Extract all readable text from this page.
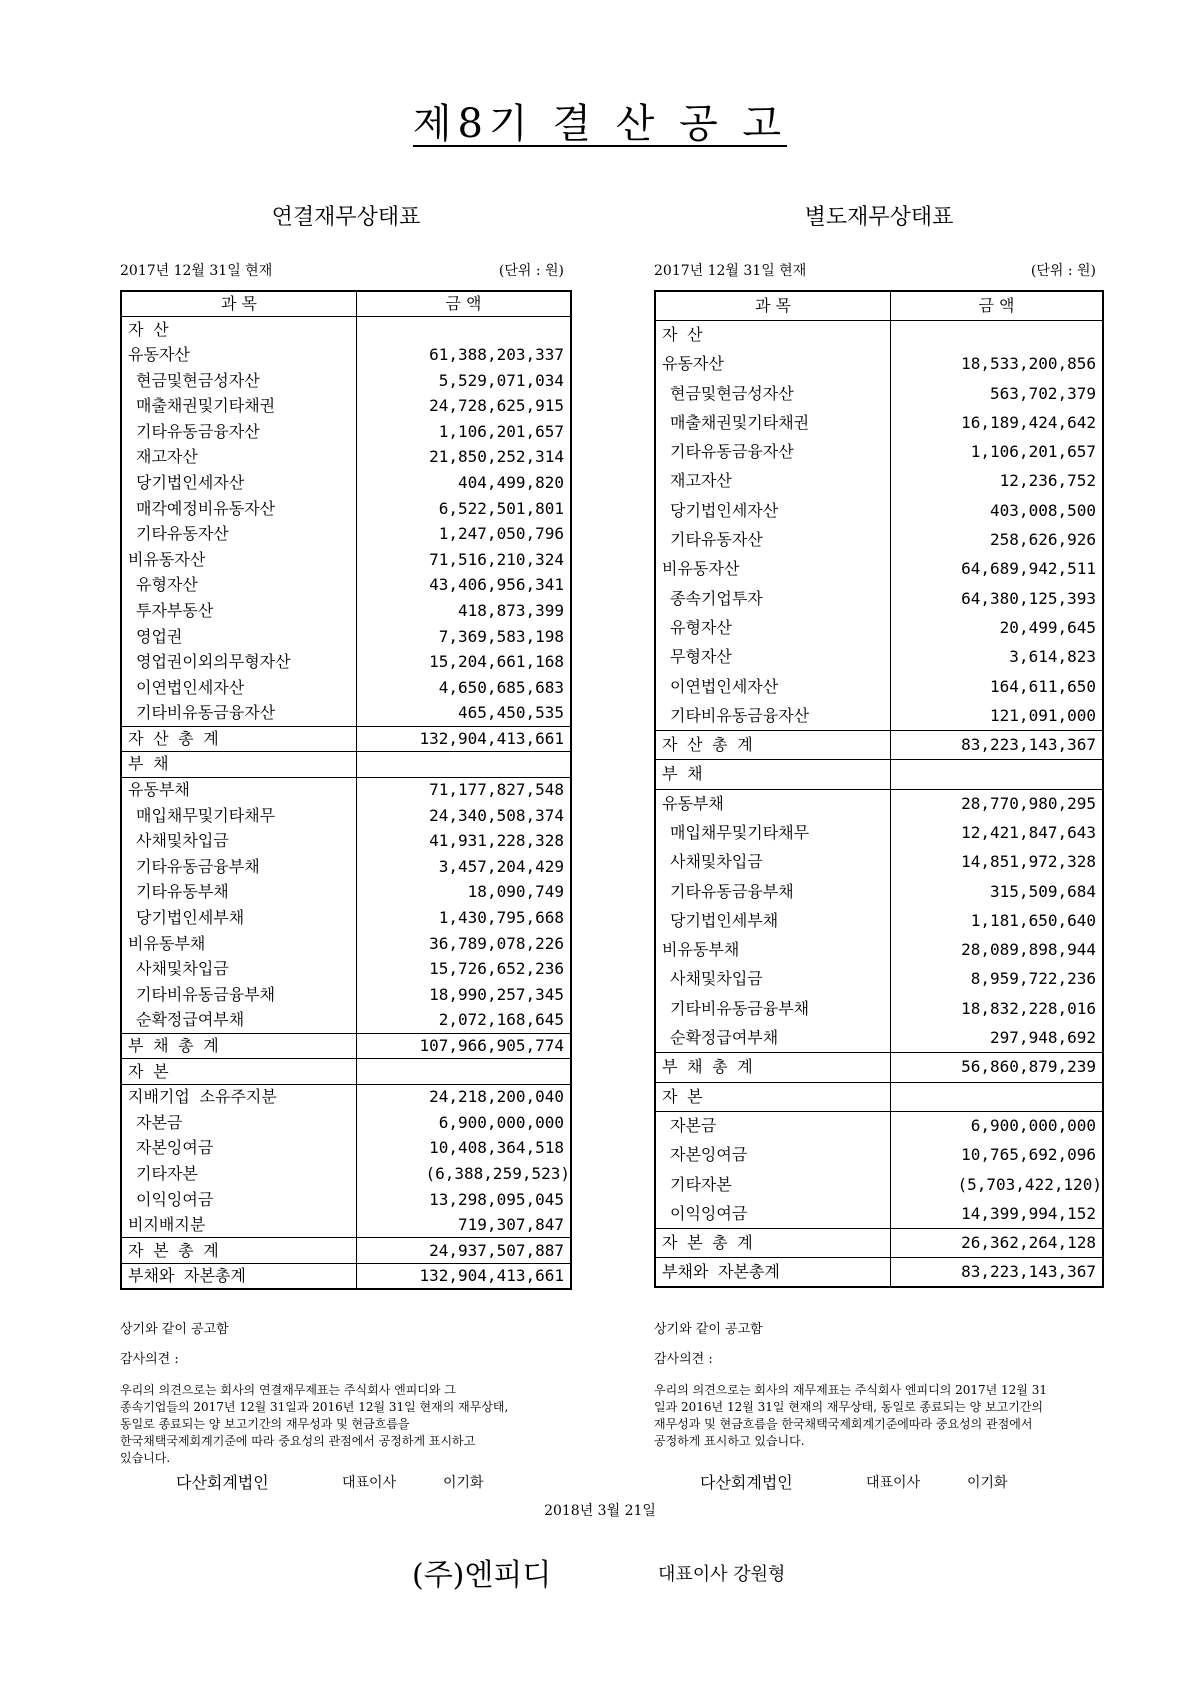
제8기 결 산 공 고
연결재무상태표
2017년 12월 31일 현재	(단위 : 원)
과 목	금 액
자 산	
유동자산	61,388,203,337
현금및현금성자산	5,529,071,034
매출채권및기타채권	24,728,625,915
기타유동금융자산	1,106,201,657
재고자산	21,850,252,314
당기법인세자산	404,499,820
매각예정비유동자산	6,522,501,801
기타유동자산	1,247,050,796
비유동자산	71,516,210,324
유형자산	43,406,956,341
투자부동산	418,873,399
영업권	7,369,583,198
영업권이외의무형자산	15,204,661,168
이연법인세자산	4,650,685,683
기타비유동금융자산	465,450,535
자 산 총 계	132,904,413,661
부 채	
유동부채	71,177,827,548
매입채무및기타채무	24,340,508,374
사채및차입금	41,931,228,328
기타유동금융부채	3,457,204,429
기타유동부채	18,090,749
당기법인세부채	1,430,795,668
비유동부채	36,789,078,226
사채및차입금	15,726,652,236
기타비유동금융부채	18,990,257,345
순확정급여부채	2,072,168,645
부 채 총 계	107,966,905,774
자 본	
지배기업 소유주지분	24,218,200,040
자본금	6,900,000,000
자본잉여금	10,408,364,518
기타자본	(6,388,259,523)
이익잉여금	13,298,095,045
비지배지분	719,307,847
자 본 총 계	24,937,507,887
부채와 자본총계	132,904,413,661
별도재무상태표
2017년 12월 31일 현재	(단위 : 원)
과 목	금 액
자 산	
유동자산	18,533,200,856
현금및현금성자산	563,702,379
매출채권및기타채권	16,189,424,642
기타유동금융자산	1,106,201,657
재고자산	12,236,752
당기법인세자산	403,008,500
기타유동자산	258,626,926
비유동자산	64,689,942,511
종속기업투자	64,380,125,393
유형자산	20,499,645
무형자산	3,614,823
이연법인세자산	164,611,650
기타비유동금융자산	121,091,000
자 산 총 계	83,223,143,367
부 채	
유동부채	28,770,980,295
매입채무및기타채무	12,421,847,643
사채및차입금	14,851,972,328
기타유동금융부채	315,509,684
당기법인세부채	1,181,650,640
비유동부채	28,089,898,944
사채및차입금	8,959,722,236
기타비유동금융부채	18,832,228,016
순확정급여부채	297,948,692
부 채 총 계	56,860,879,239
자 본	
자본금	6,900,000,000
자본잉여금	10,765,692,096
기타자본	(5,703,422,120)
이익잉여금	14,399,994,152
자 본 총 계	26,362,264,128
부채와 자본총계	83,223,143,367
상기와 같이 공고함	상기와 같이 공고함
감사의견 :	감사의견 :
우리의 의견으로는 회사의 연결재무제표는 주식회사 엔피디와 그
종속기업들의 2017년 12월 31일과 2016년 12월 31일 현재의 재무상태,
동일로 종료되는 양 보고기간의 재무성과 및 현금흐름을
한국채택국제회계기준에 따라 중요성의 관점에서 공정하게 표시하고
있습니다.
우리의 의견으로는 회사의 재무제표는 주식회사 엔피디의 2017년 12월 31
일과 2016년 12월 31일 현재의 재무상태, 동일로 종료되는 양 보고기간의
재무성과 및 현금흐름을 한국채택국제회계기준에따라 중요성의 관점에서
공정하게 표시하고 있습니다.
다산회계법인	대표이사	이기화	다산회계법인	대표이사	이기화
2018년 3월 21일
(주)엔피디	대표이사 강원형
